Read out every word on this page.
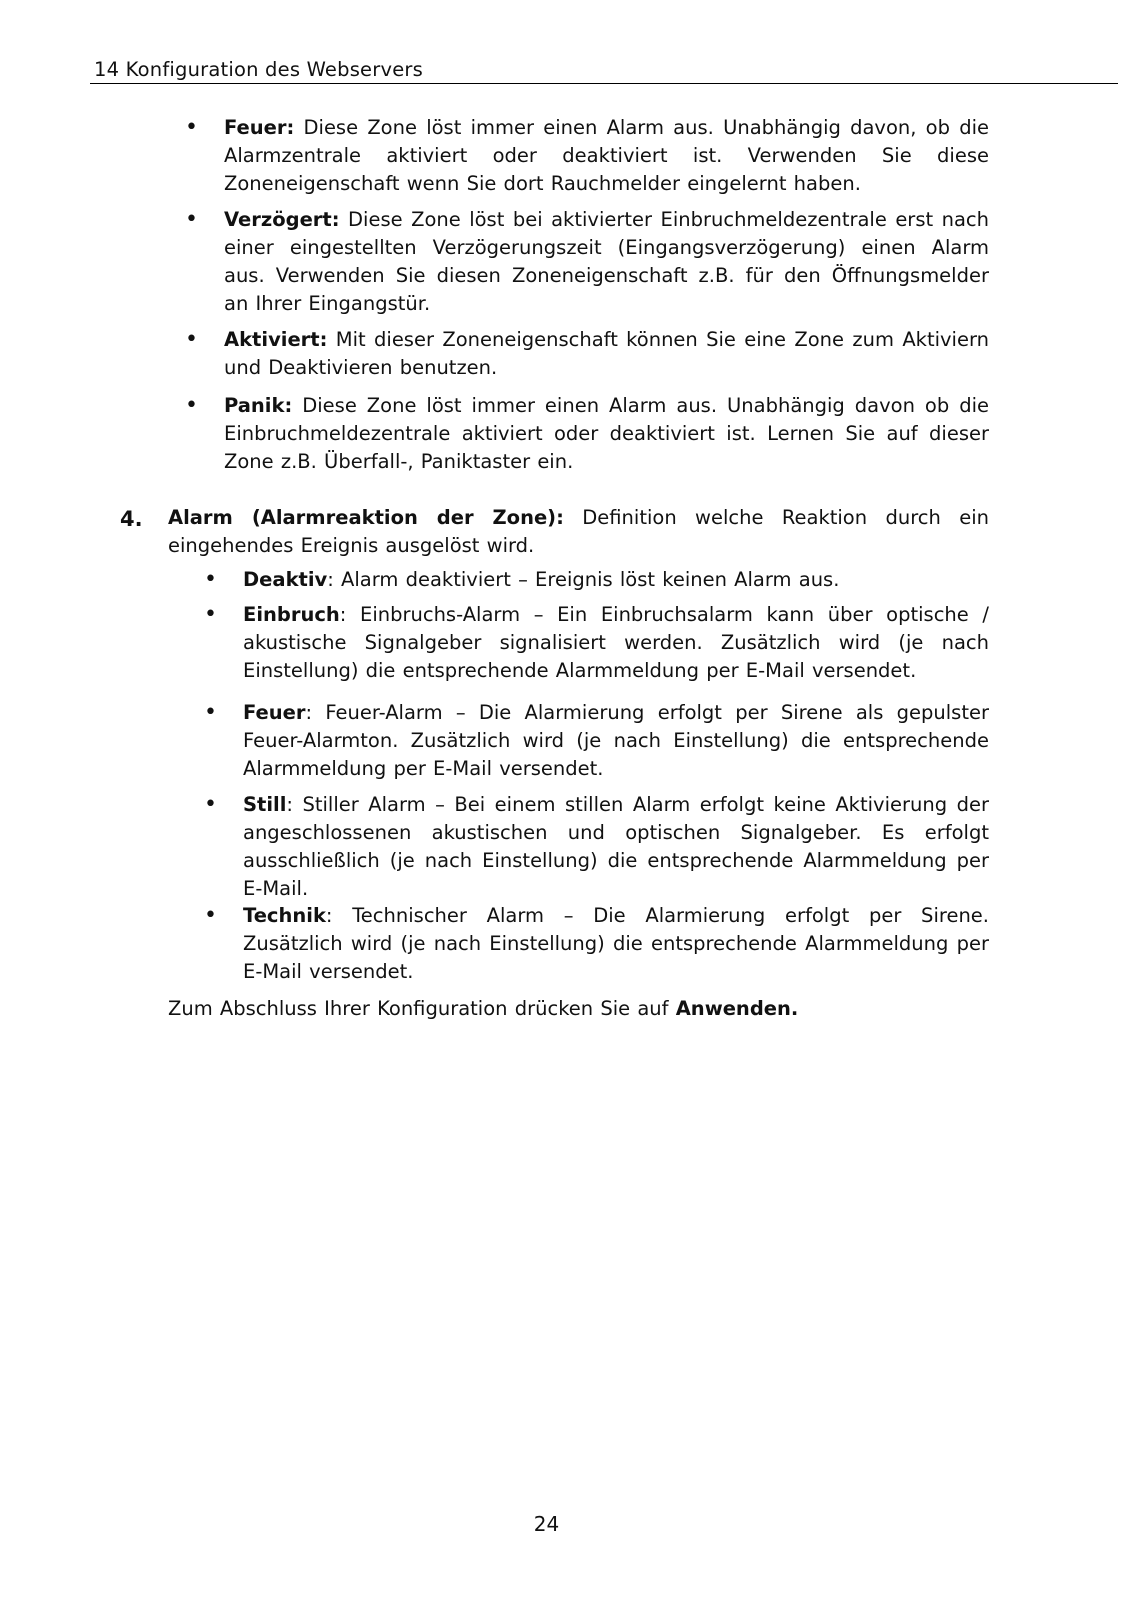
14 Konfiguration des Webservers
• Feuer: Diese Zone löst immer einen Alarm aus. Unabhängig davon, ob die Alarmzentrale aktiviert oder deaktiviert ist. Verwenden Sie diese Zoneneigenschaft wenn Sie dort Rauchmelder eingelernt haben.
• Verzögert: Diese Zone löst bei aktivierter Einbruchmeldezentrale erst nach einer eingestellten Verzögerungszeit (Eingangsverzögerung) einen Alarm aus. Verwenden Sie diesen Zoneneigenschaft z.B. für den Öffnungsmelder an Ihrer Eingangstür.
• Aktiviert: Mit dieser Zoneneigenschaft können Sie eine Zone zum Aktiviern und Deaktivieren benutzen.
• Panik: Diese Zone löst immer einen Alarm aus. Unabhängig davon ob die Einbruchmeldezentrale aktiviert oder deaktiviert ist. Lernen Sie auf dieser Zone z.B. Überfall-, Paniktaster ein.
4. Alarm (Alarmreaktion der Zone): Definition welche Reaktion durch ein eingehendes Ereignis ausgelöst wird.
• Deaktiv: Alarm deaktiviert – Ereignis löst keinen Alarm aus.
• Einbruch: Einbruchs-Alarm – Ein Einbruchsalarm kann über optische / akustische Signalgeber signalisiert werden. Zusätzlich wird (je nach Einstellung) die entsprechende Alarmmeldung per E-Mail versendet.
• Feuer: Feuer-Alarm – Die Alarmierung erfolgt per Sirene als gepulster Feuer-Alarmton. Zusätzlich wird (je nach Einstellung) die entsprechende Alarmmeldung per E-Mail versendet.
• Still: Stiller Alarm – Bei einem stillen Alarm erfolgt keine Aktivierung der angeschlossenen akustischen und optischen Signalgeber. Es erfolgt ausschließlich (je nach Einstellung) die entsprechende Alarmmeldung per E-Mail.
• Technik: Technischer Alarm – Die Alarmierung erfolgt per Sirene. Zusätzlich wird (je nach Einstellung) die entsprechende Alarmmeldung per E-Mail versendet.
Zum Abschluss Ihrer Konfiguration drücken Sie auf Anwenden.
24
